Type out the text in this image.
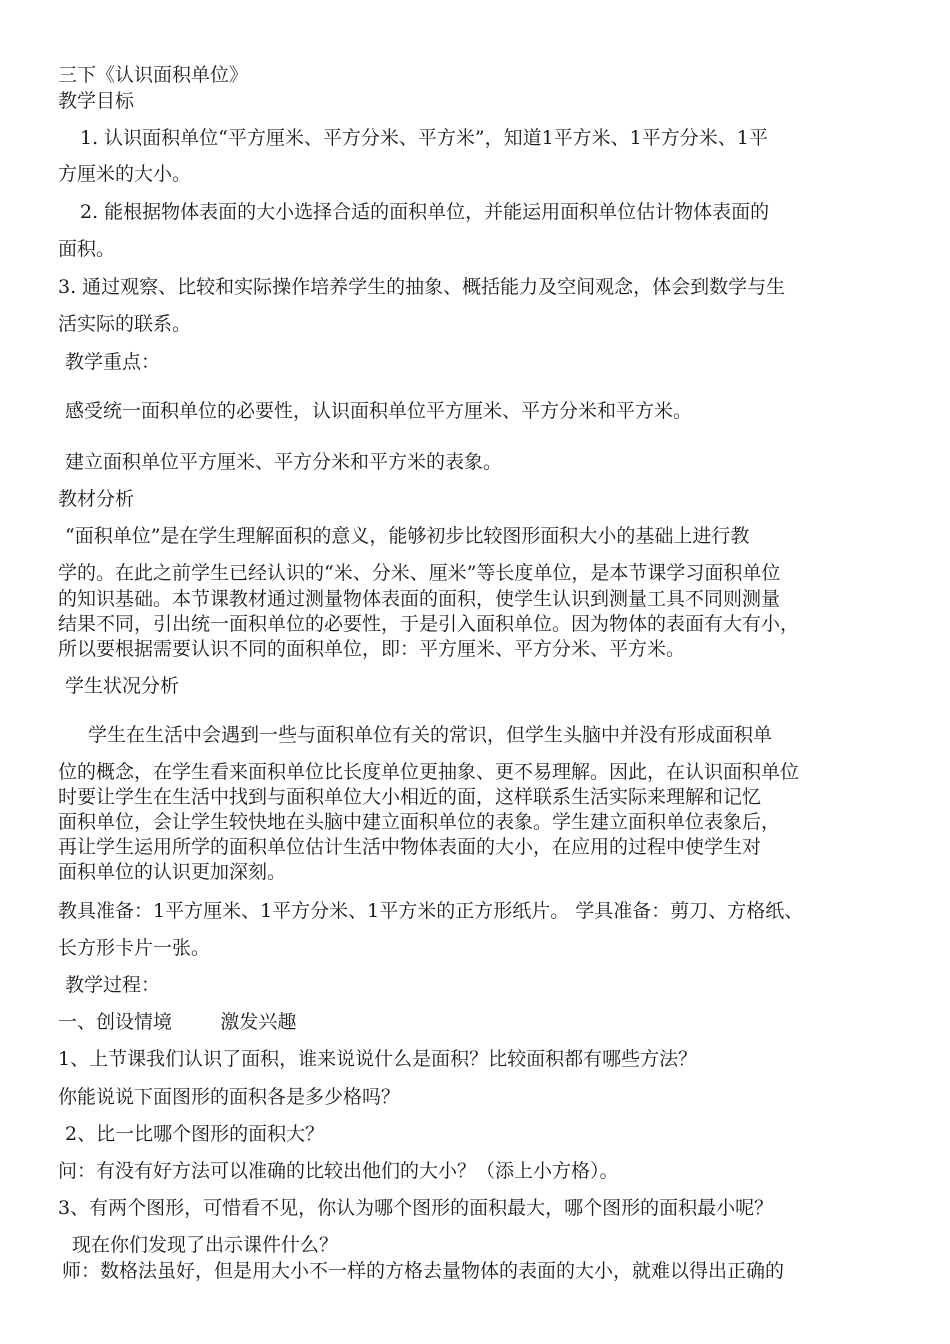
三下《认识面积单位》
教学目标
1. 认识面积单位“平方厘米、平方分米、平方米”，知道1平方米、1平方分米、1平
方厘米的大小。
2. 能根据物体表面的大小选择合适的面积单位，并能运用面积单位估计物体表面的
面积。
3. 通过观察、比较和实际操作培养学生的抽象、概括能力及空间观念，体会到数学与生
活实际的联系。
教学重点：
感受统一面积单位的必要性，认识面积单位平方厘米、平方分米和平方米。
建立面积单位平方厘米、平方分米和平方米的表象。
教材分析
“面积单位”是在学生理解面积的意义，能够初步比较图形面积大小的基础上进行教
学的。在此之前学生已经认识的“米、分米、厘米”等长度单位，是本节课学习面积单位
的知识基础。本节课教材通过测量物体表面的面积，使学生认识到测量工具不同则测量
结果不同，引出统一面积单位的必要性，于是引入面积单位。因为物体的表面有大有小，
所以要根据需要认识不同的面积单位，即：平方厘米、平方分米、平方米。
学生状况分析
学生在生活中会遇到一些与面积单位有关的常识，但学生头脑中并没有形成面积单
位的概念，在学生看来面积单位比长度单位更抽象、更不易理解。因此，在认识面积单位
时要让学生在生活中找到与面积单位大小相近的面，这样联系生活实际来理解和记忆
面积单位，会让学生较快地在头脑中建立面积单位的表象。学生建立面积单位表象后，
再让学生运用所学的面积单位估计生活中物体表面的大小，在应用的过程中使学生对
面积单位的认识更加深刻。
教具准备：1平方厘米、1平方分米、1平方米的正方形纸片。 学具准备：剪刀、方格纸、
长方形卡片一张。
教学过程：
一、创设情境        激发兴趣
1、上节课我们认识了面积，谁来说说什么是面积？比较面积都有哪些方法？
你能说说下面图形的面积各是多少格吗？
2、比一比哪个图形的面积大？
问：有没有好方法可以准确的比较出他们的大小？（添上小方格）。
3、有两个图形，可惜看不见，你认为哪个图形的面积最大，哪个图形的面积最小呢？
现在你们发现了出示课件什么？
师：数格法虽好，但是用大小不一样的方格去量物体的表面的大小，就难以得出正确的
